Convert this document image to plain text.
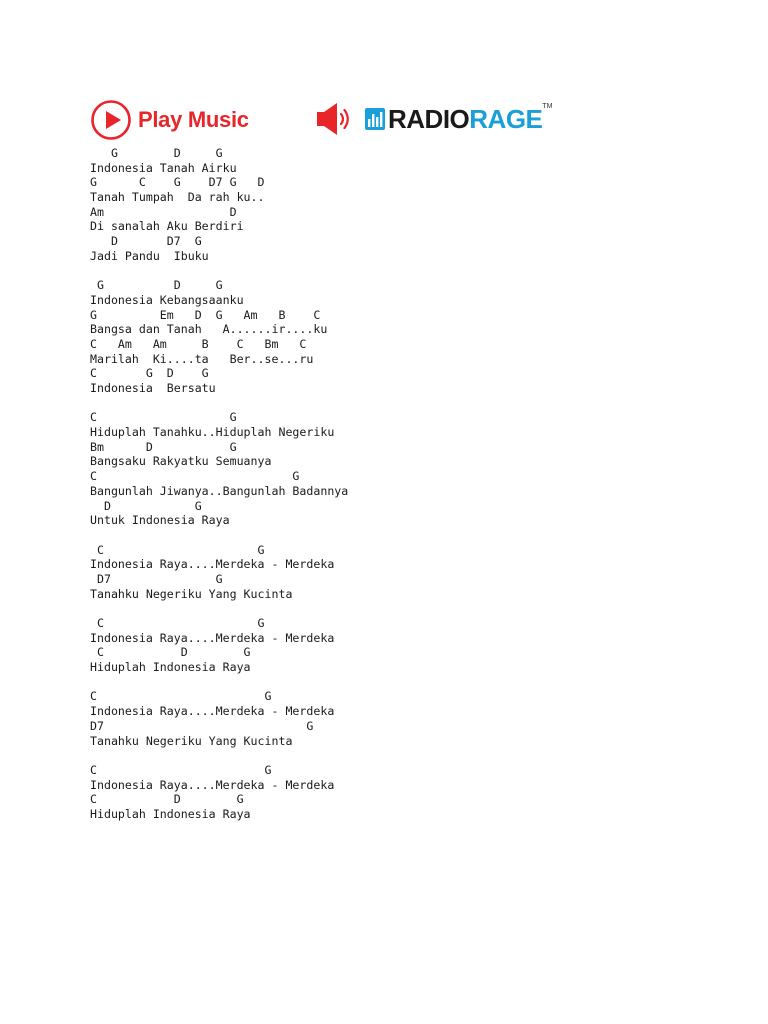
Play Music	RADIORAGE TM
G        D     G
Indonesia Tanah Airku
G      C    G    D7 G   D
Tanah Tumpah  Da rah ku..
Am                  D
Di sanalah Aku Berdiri
D       D7  G
Jadi Pandu  Ibuku
G          D     G
Indonesia Kebangsaanku
G         Em   D  G   Am   B    C
Bangsa dan Tanah   A......ir....ku
C   Am   Am     B    C   Bm   C
Marilah  Ki....ta   Ber..se...ru
C       G  D    G
Indonesia  Bersatu
C                   G
Hiduplah Tanahku..Hiduplah Negeriku
Bm      D           G
Bangsaku Rakyatku Semuanya
C                            G
Bangunlah Jiwanya..Bangunlah Badannya
D            G
Untuk Indonesia Raya
C                      G
Indonesia Raya....Merdeka - Merdeka
D7               G
Tanahku Negeriku Yang Kucinta
C                      G
Indonesia Raya....Merdeka - Merdeka
C           D        G
Hiduplah Indonesia Raya
C                        G
Indonesia Raya....Merdeka - Merdeka
D7                             G
Tanahku Negeriku Yang Kucinta
C                        G
Indonesia Raya....Merdeka - Merdeka
C           D        G
Hiduplah Indonesia Raya
